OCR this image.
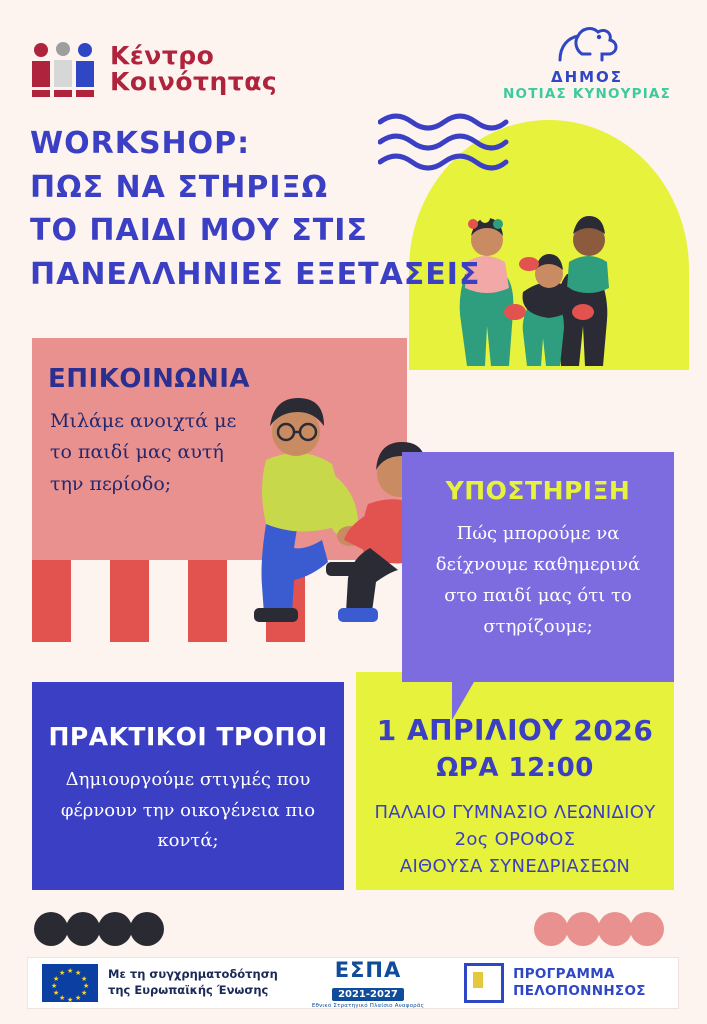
Κέντρο
Κοινότητας	ΔΗΜΟΣ
ΝΟΤΙΑΣ ΚΥΝΟΥΡΙΑΣ
WORKSHOP:
ΠΩΣ ΝΑ ΣΤΗΡΙΞΩ
ΤΟ ΠΑΙΔΙ ΜΟΥ ΣΤΙΣ
ΠΑΝΕΛΛΗΝΙΕΣ ΕΞΕΤΑΣΕΙΣ
ΕΠΙΚΟΙΝΩΝΙΑ
Μιλάμε ανοιχτά με το παιδί μας αυτή την περίοδο;	ΥΠΟΣΤΗΡΙΞΗ
Πώς μπορούμε να δείχνουμε καθημερινά στο παιδί μας ότι το στηρίζουμε;
ΠΡΑΚΤΙΚΟΙ ΤΡΟΠΟΙ
Δημιουργούμε στιγμές που φέρνουν την οικογένεια πιο κοντά;
1 ΑΠΡΙΛΙΟΥ 2026
ΩΡΑ 12:00
ΠΑΛΑΙΟ ΓΥΜΝΑΣΙΟ ΛΕΩΝΙΔΙΟΥ
2ος ΟΡΟΦΟΣ
ΑΙΘΟΥΣΑ ΣΥΝΕΔΡΙΑΣΕΩΝ
★ ★
★
★
★
★
★
★
★
★
★
★	Με τη συγχρηματοδότηση
της Ευρωπαϊκής Ένωσης
ΕΣΠΑ
2021-2027
Εθνικό Στρατηγικό Πλαίσιο Αναφοράς
ΠΡΟΓΡΑΜΜΑ
ΠΕΛΟΠΟΝΝΗΣΟΣ
